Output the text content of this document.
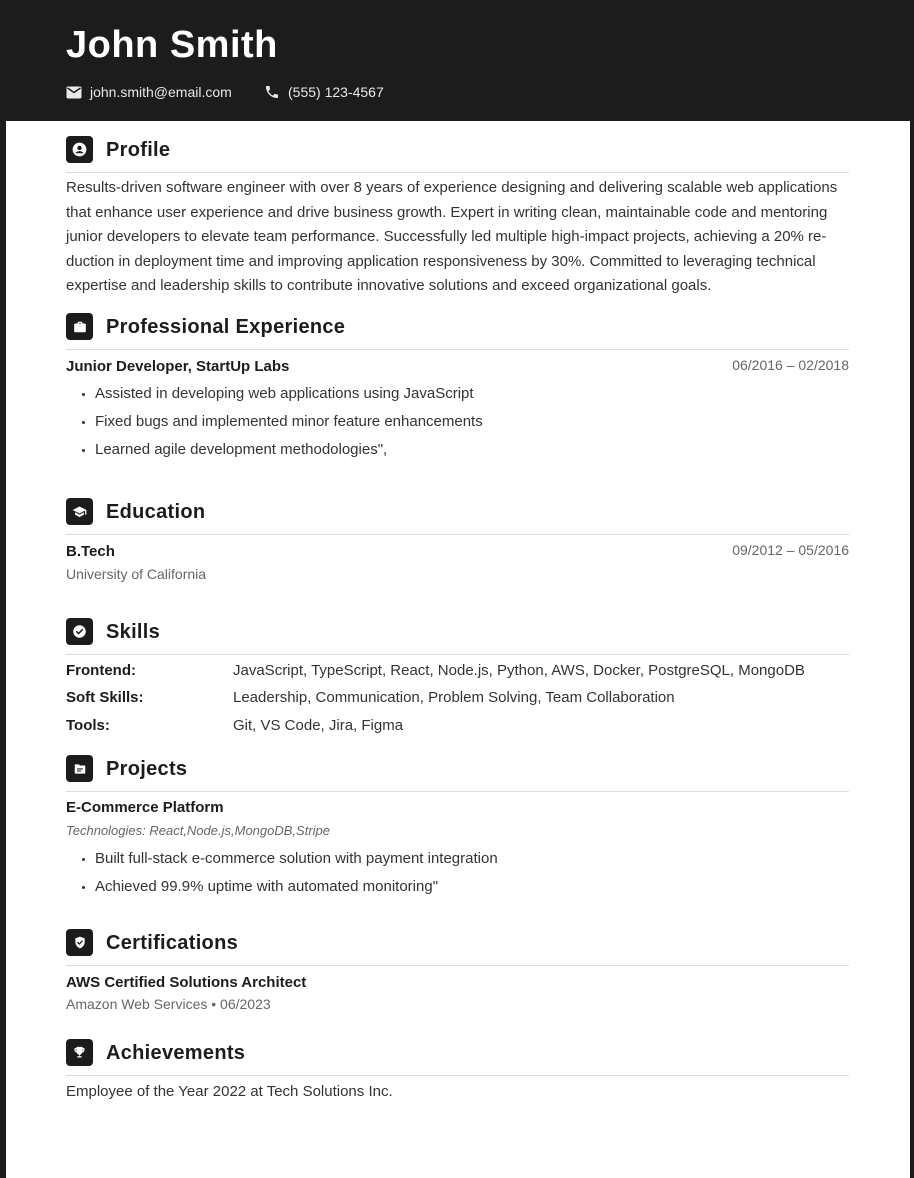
John Smith
john.smith@email.com	(555) 123-4567
Profile
Results-driven software engineer with over 8 years of experience designing and delivering scalable web applications
that enhance user experience and drive business growth. Expert in writing clean, maintainable code and mentoring
junior developers to elevate team performance. Successfully led multiple high-impact projects, achieving a 20% re-
duction in deployment time and improving application responsiveness by 30%. Committed to leveraging technical
expertise and leadership skills to contribute innovative solutions and exceed organizational goals.
Professional Experience
Junior Developer, StartUp Labs	06/2016 – 02/2018
Assisted in developing web applications using JavaScript
Fixed bugs and implemented minor feature enhancements
Learned agile development methodologies",
Education
B.Tech	09/2012 – 05/2016
University of California
Skills
Frontend:	JavaScript, TypeScript, React, Node.js, Python, AWS, Docker, PostgreSQL, MongoDB
Soft Skills:	Leadership, Communication, Problem Solving, Team Collaboration
Tools:	Git, VS Code, Jira, Figma
Projects
E-Commerce Platform
Technologies: React,Node.js,MongoDB,Stripe
Built full-stack e-commerce solution with payment integration
Achieved 99.9% uptime with automated monitoring"
Certifications
AWS Certified Solutions Architect
Amazon Web Services • 06/2023
Achievements
Employee of the Year 2022 at Tech Solutions Inc.
